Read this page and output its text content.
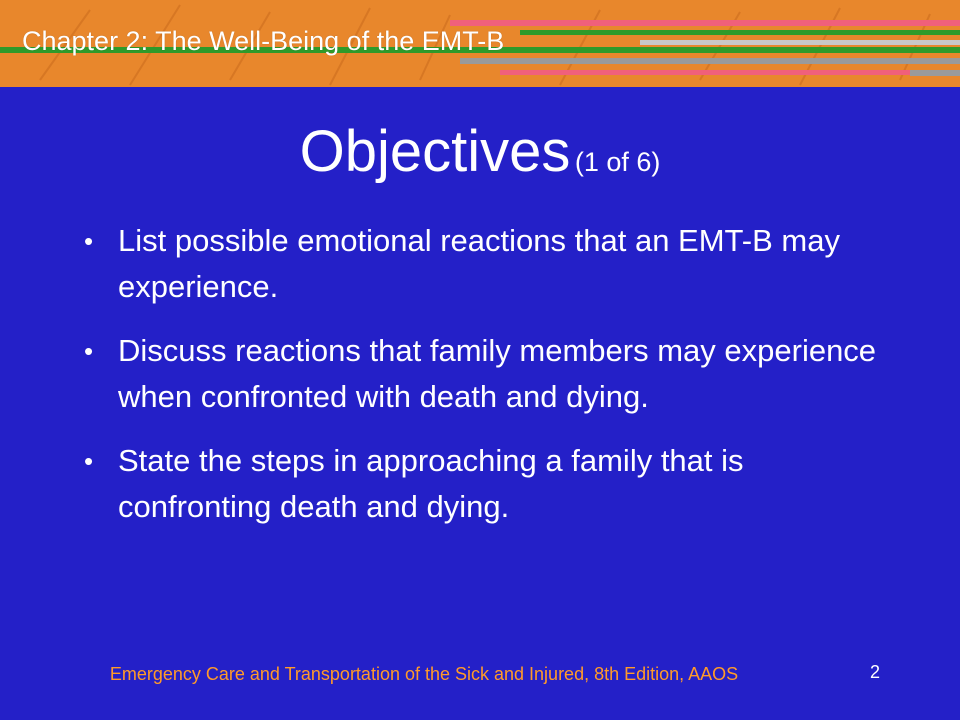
Chapter 2: The Well-Being of the EMT-B
Objectives (1 of 6)
• List possible emotional reactions that an EMT-B may experience.
• Discuss reactions that family members may experience when confronted with death and dying.
• State the steps in approaching a family that is confronting death and dying.
Emergency Care and Transportation of the Sick and Injured, 8th Edition, AAOS	2
